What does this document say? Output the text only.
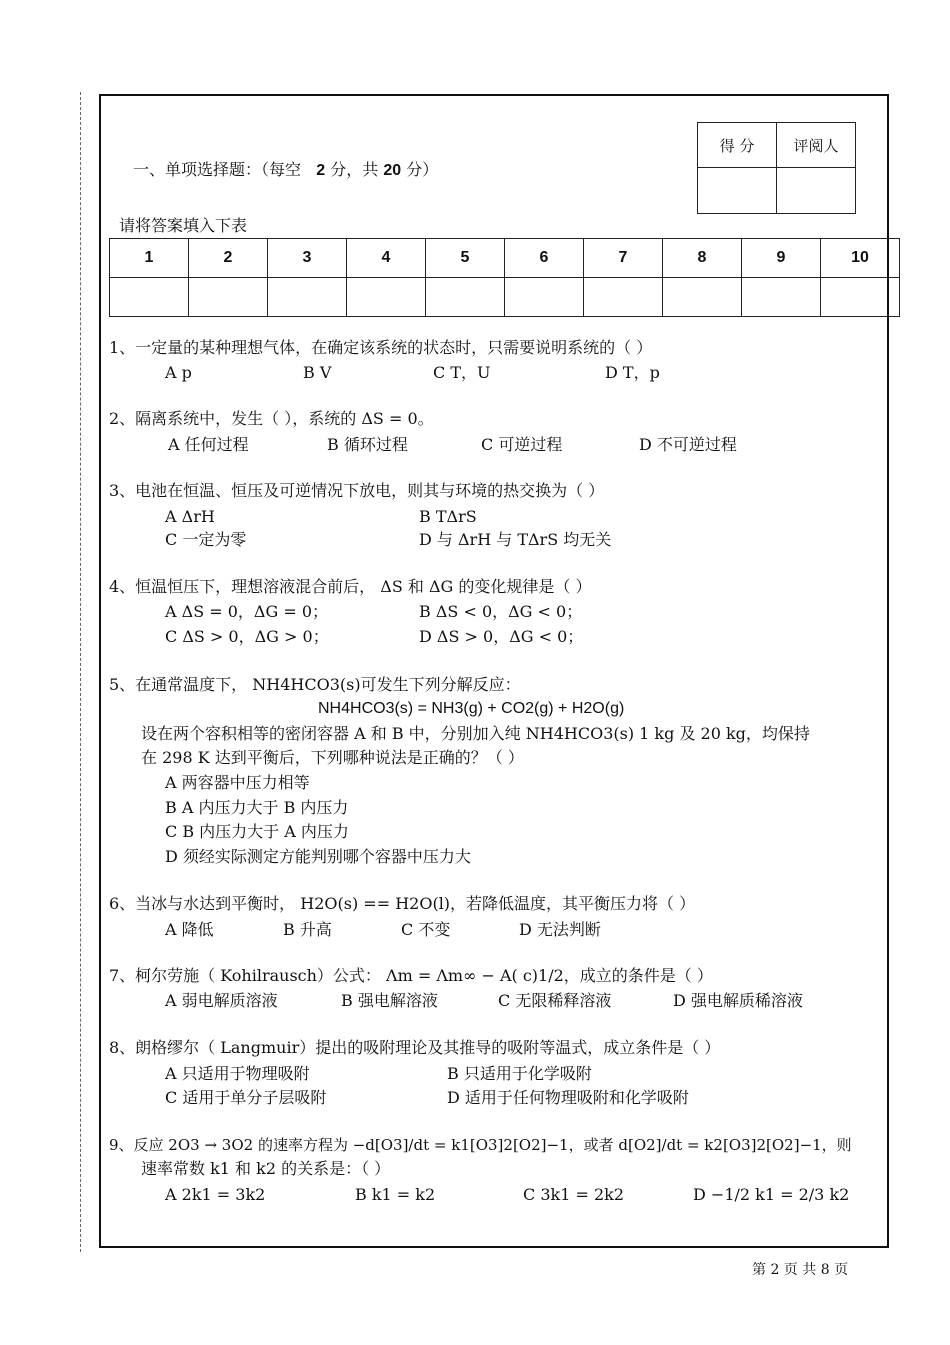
得 分	评阅人

一、单项选择题：（每空 2 分，共 20 分）
请将答案填入下表
1	2	3	4	5	6	7	8	9	10

1、一定量的某种理想气体，在确定该系统的状态时，只需要说明系统的（ ）
A p	B V	C T，U	D T，p
2、隔离系统中，发生（ ），系统的 ΔS = 0。
A 任何过程	B 循环过程	C 可逆过程	D 不可逆过程
3、电池在恒温、恒压及可逆情况下放电，则其与环境的热交换为（ ）
A ΔrH	B TΔrS
C 一定为零	D 与 ΔrH 与 TΔrS 均无关
4、恒温恒压下，理想溶液混合前后， ΔS 和 ΔG 的变化规律是（ ）
A ΔS = 0，ΔG = 0；	B ΔS < 0，ΔG < 0；
C ΔS > 0，ΔG > 0；	D ΔS > 0，ΔG < 0；
5、在通常温度下， NH4HCO3(s)可发生下列分解反应：
NH4HCO3(s) = NH3(g) + CO2(g) + H2O(g)
设在两个容积相等的密闭容器 A 和 B 中，分别加入纯 NH4HCO3(s) 1 kg 及 20 kg，均保持
在 298 K 达到平衡后，下列哪种说法是正确的？（ ）
A 两容器中压力相等
B A 内压力大于 B 内压力
C B 内压力大于 A 内压力
D 须经实际测定方能判别哪个容器中压力大
6、当冰与水达到平衡时， H2O(s) == H2O(l)，若降低温度，其平衡压力将（ ）
A 降低	B 升高	C 不变	D 无法判断
7、柯尔劳施（ Kohilrausch）公式： Λm = Λm∞ − A( c)1/2，成立的条件是（ ）
A 弱电解质溶液	B 强电解溶液	C 无限稀释溶液	D 强电解质稀溶液
8、朗格缪尔（ Langmuir）提出的吸附理论及其推导的吸附等温式，成立条件是（ ）
A 只适用于物理吸附	B 只适用于化学吸附
C 适用于单分子层吸附	D 适用于任何物理吸附和化学吸附
9、反应 2O3 → 3O2 的速率方程为 −d[O3]/dt = k1[O3]2[O2]−1，或者 d[O2]/dt = k2[O3]2[O2]−1，则
速率常数 k1 和 k2 的关系是：（ ）
A 2k1 = 3k2	B k1 = k2	C 3k1 = 2k2	D −1/2 k1 = 2/3 k2
第 2 页 共 8 页
